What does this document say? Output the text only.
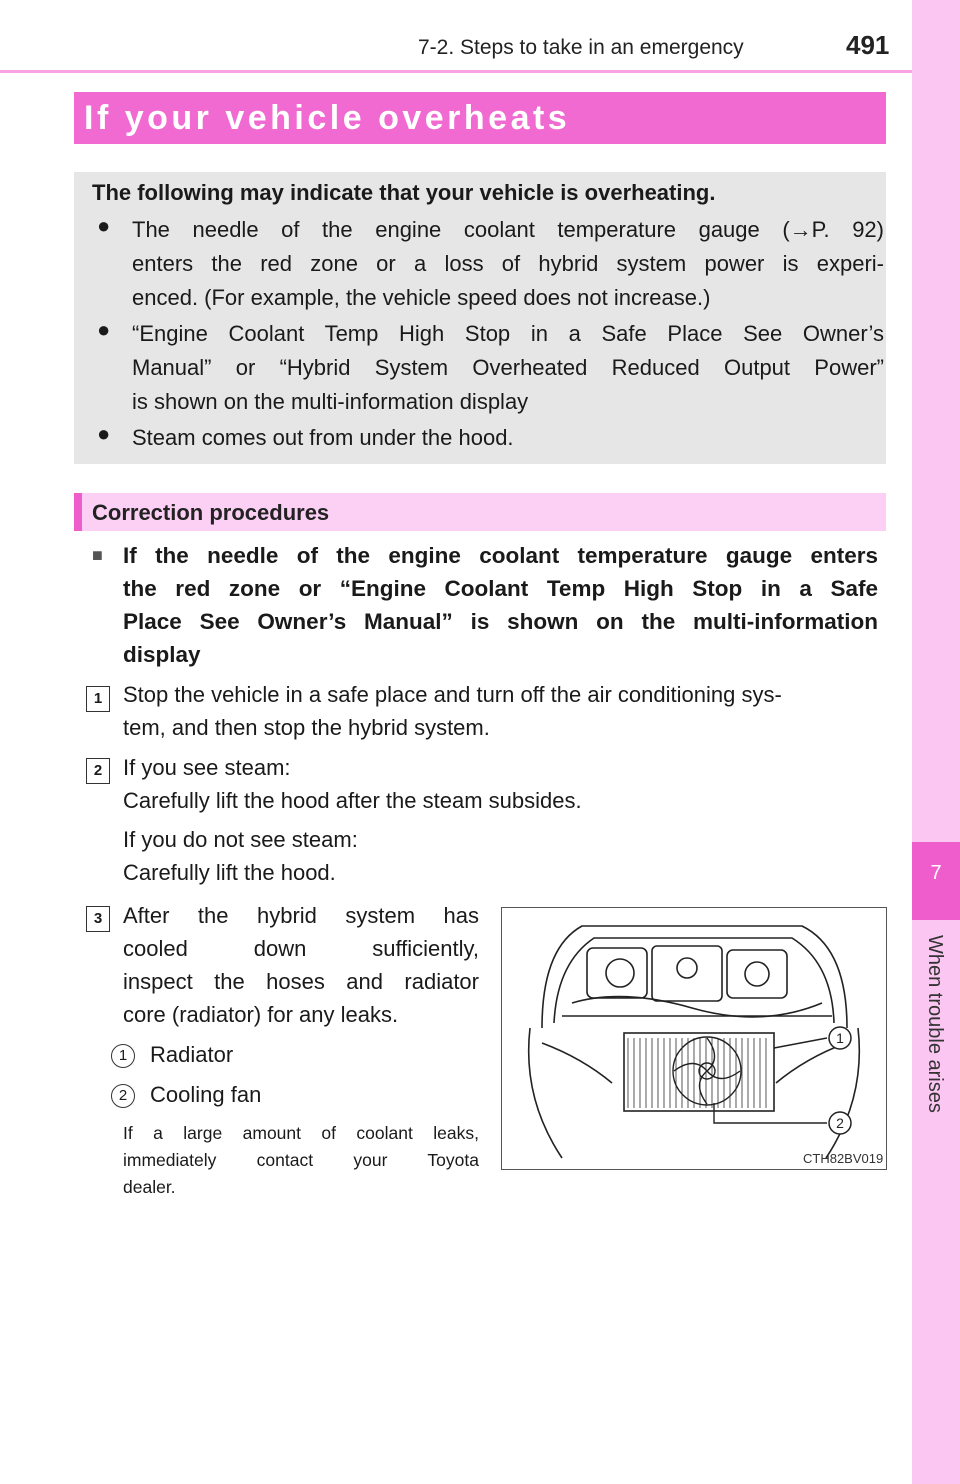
7-2. Steps to take in an emergency	491
7
When trouble arises
If your vehicle overheats
The following may indicate that your vehicle is overheating.
● The needle of the engine coolant temperature gauge (→P. 92)
enters the red zone or a loss of hybrid system power is experi-
enced. (For example, the vehicle speed does not increase.)
● “Engine Coolant Temp High Stop in a Safe Place See Owner’s
Manual” or “Hybrid System Overheated Reduced Output Power”
is shown on the multi-information display
● Steam comes out from under the hood.
Correction procedures
■ If the needle of the engine coolant temperature gauge enters
the red zone or “Engine Coolant Temp High Stop in a Safe
Place See Owner’s Manual” is shown on the multi-information
display
1 Stop the vehicle in a safe place and turn off the air conditioning sys-
tem, and then stop the hybrid system.
2 If you see steam:
Carefully lift the hood after the steam subsides.
If you do not see steam:
Carefully lift the hood.
3 After the hybrid system has
cooled down sufficiently,
inspect the hoses and radiator
core (radiator) for any leaks.
1	Radiator
2	Cooling fan
If a large amount of coolant leaks,
immediately contact your Toyota
dealer.
1
2
CTH82BV019
